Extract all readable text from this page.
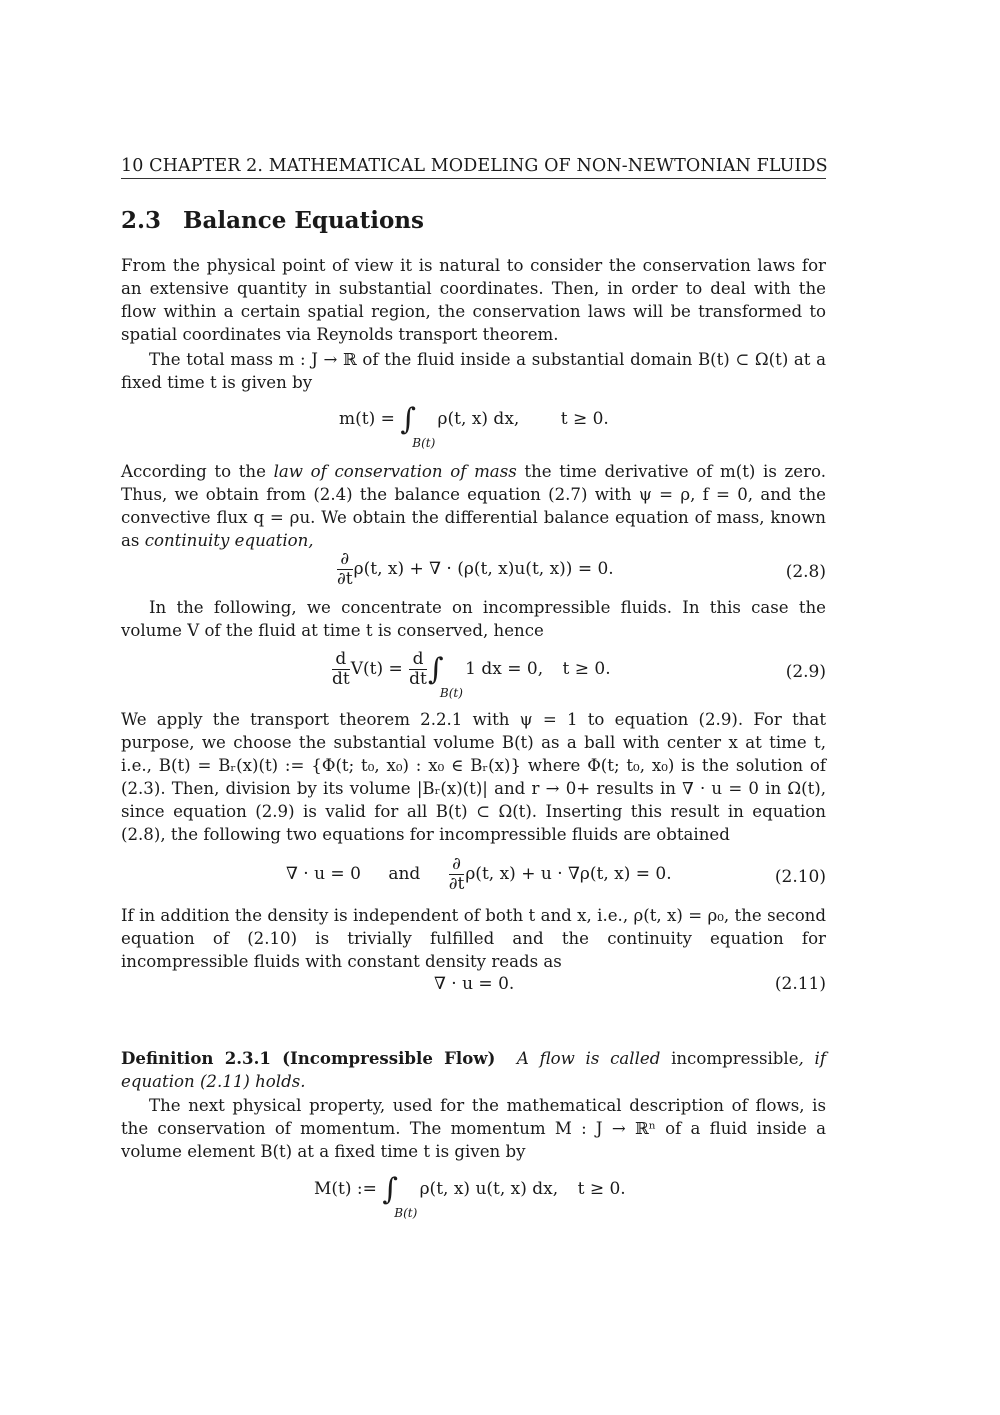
10 CHAPTER 2. MATHEMATICAL MODELING OF NON-NEWTONIAN FLUIDS
2.3 Balance Equations
From the physical point of view it is natural to consider the conservation laws for an extensive quantity in substantial coordinates. Then, in order to deal with the flow within a certain spatial region, the conservation laws will be transformed to spatial coordinates via Reynolds transport theorem.
The total mass m : J → ℝ of the fluid inside a substantial domain B(t) ⊂ Ω(t) at a fixed time t is given by
m(t) = ∫
B(t)
ρ(t, x) dx, t ≥ 0.
According to the law of conservation of mass the time derivative of m(t) is zero. Thus, we obtain from (2.4) the balance equation (2.7) with ψ = ρ, f = 0, and the convective flux q = ρu. We obtain the differential balance equation of mass, known as continuity equation,
$\frac{\partial}{\partial t} \rho(t$, x) + ∇ · (ρ(t, x)u(t, x)) = 0.	(2.8)
In the following, we concentrate on incompressible fluids. In this case the volume V of the fluid at time t is conserved, hence
$\frac{d}{dt} V(t) = \frac{d}{dt}$ ∫
B(t)
1 dx = 0, t ≥ 0.	(2.9)
We apply the transport theorem 2.2.1 with ψ = 1 to equation (2.9). For that purpose, we choose the substantial volume B(t) as a ball with center x at time t, i.e., B(t) = Bᵣ(x)(t) := {Φ(t; t₀, x₀) : x₀ ∈ Bᵣ(x)} where Φ(t; t₀, x₀) is the solution of (2.3). Then, division by its volume |Bᵣ(x)(t)| and r → 0+ results in ∇ · u = 0 in Ω(t), since equation (2.9) is valid for all B(t) ⊂ Ω(t). Inserting this result in equation (2.8), the following two equations for incompressible fluids are obtained
∇ · u = 0 and $\frac{\partial}{\partial t} \rho(t$, x) + u · ∇ρ(t, x) = 0.	(2.10)
If in addition the density is independent of both t and x, i.e., ρ(t, x) = ρ₀, the second equation of (2.10) is trivially fulfilled and the continuity equation for incompressible fluids with constant density reads as
∇ · u = 0.	(2.11)
Definition 2.3.1 (Incompressible Flow) A flow is called incompressible, if equation (2.11) holds.
The next physical property, used for the mathematical description of flows, is the conservation of momentum. The momentum M : J → ℝⁿ of a fluid inside a volume element B(t) at a fixed time t is given by
M(t) := ∫
B(t)
ρ(t, x) u(t, x) dx, t ≥ 0.
